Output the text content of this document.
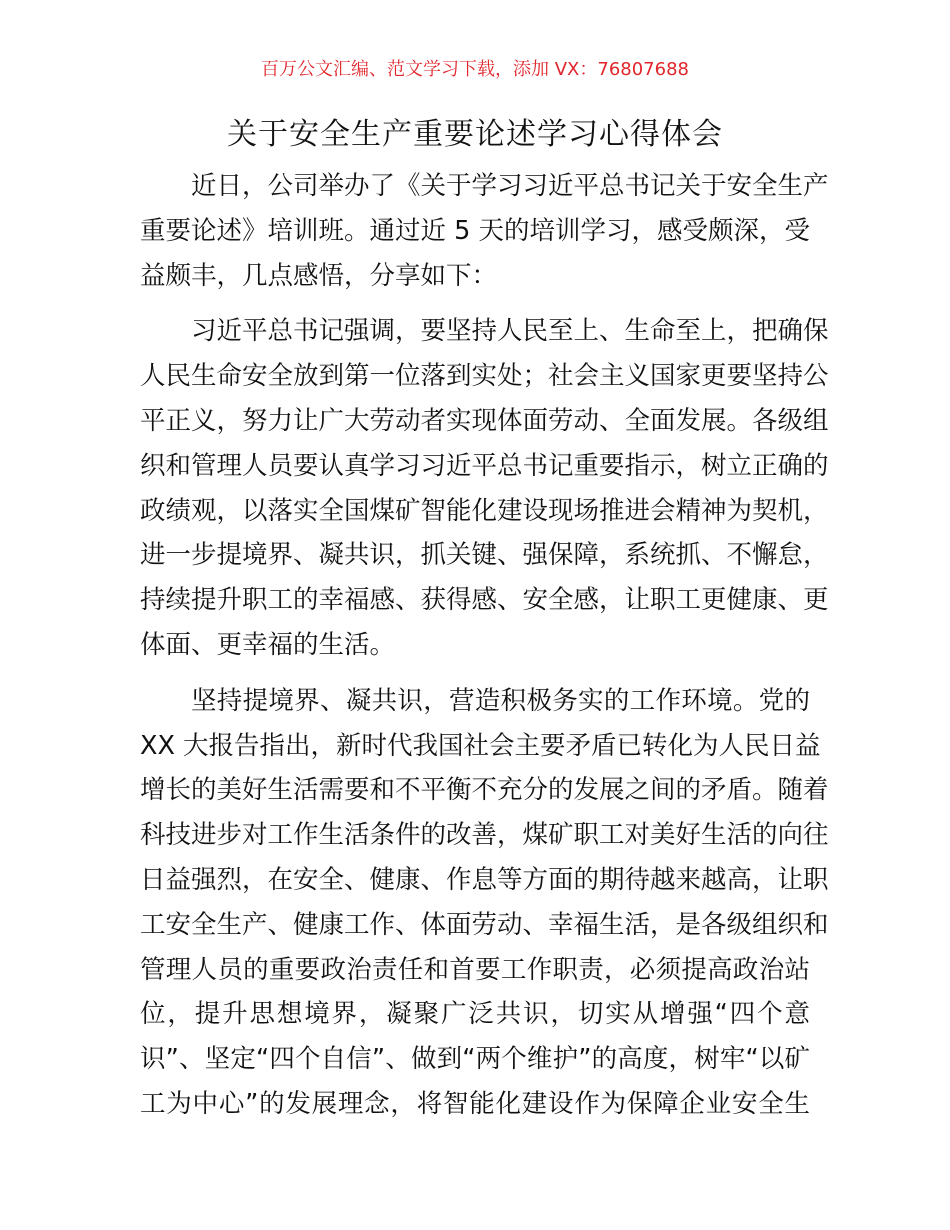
百万公文汇编、范文学习下载，添加 VX：76807688
关于安全生产重要论述学习心得体会
近日，公司举办了《关于学习习近平总书记关于安全生产
重要论述》培训班。通过近 5 天的培训学习，感受颇深，受
益颇丰，几点感悟，分享如下：
习近平总书记强调，要坚持人民至上、生命至上，把确保
人民生命安全放到第一位落到实处；社会主义国家更要坚持公
平正义，努力让广大劳动者实现体面劳动、全面发展。各级组
织和管理人员要认真学习习近平总书记重要指示，树立正确的
政绩观，以落实全国煤矿智能化建设现场推进会精神为契机，
进一步提境界、凝共识，抓关键、强保障，系统抓、不懈怠，
持续提升职工的幸福感、获得感、安全感，让职工更健康、更
体面、更幸福的生活。
坚持提境界、凝共识，营造积极务实的工作环境。党的
XX 大报告指出，新时代我国社会主要矛盾已转化为人民日益
增长的美好生活需要和不平衡不充分的发展之间的矛盾。随着
科技进步对工作生活条件的改善，煤矿职工对美好生活的向往
日益强烈，在安全、健康、作息等方面的期待越来越高，让职
工安全生产、健康工作、体面劳动、幸福生活，是各级组织和
管理人员的重要政治责任和首要工作职责，必须提高政治站
位，提升思想境界，凝聚广泛共识，切实从增强“四个意
识”、坚定“四个自信”、做到“两个维护”的高度，树牢“以矿
工为中心”的发展理念，将智能化建设作为保障企业安全生
